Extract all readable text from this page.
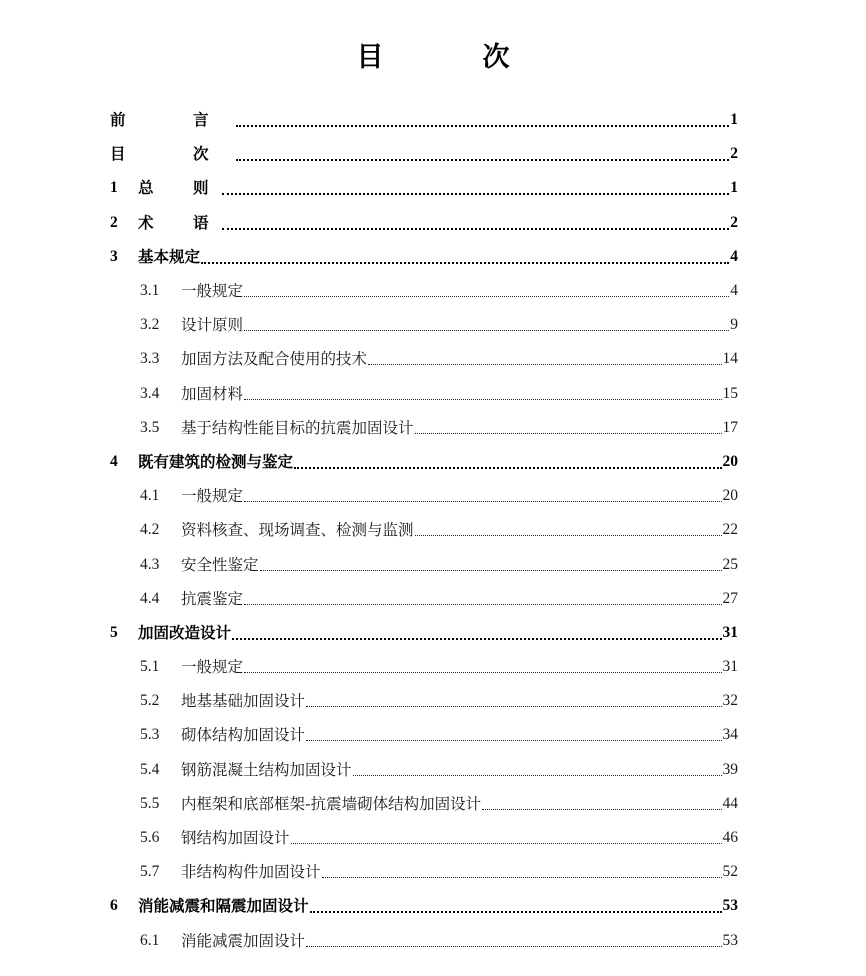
目　次
前　言	1
目　次	2
1	总　则	1
2	术　语	2
3	基本规定	4
3.1	一般规定	4
3.2	设计原则	9
3.3	加固方法及配合使用的技术	14
3.4	加固材料	15
3.5	基于结构性能目标的抗震加固设计	17
4	既有建筑的检测与鉴定	20
4.1	一般规定	20
4.2	资料核查、现场调查、检测与监测	22
4.3	安全性鉴定	25
4.4	抗震鉴定	27
5	加固改造设计	31
5.1	一般规定	31
5.2	地基基础加固设计	32
5.3	砌体结构加固设计	34
5.4	钢筋混凝土结构加固设计	39
5.5	内框架和底部框架-抗震墙砌体结构加固设计	44
5.6	钢结构加固设计	46
5.7	非结构构件加固设计	52
6	消能减震和隔震加固设计	53
6.1	消能减震加固设计	53
